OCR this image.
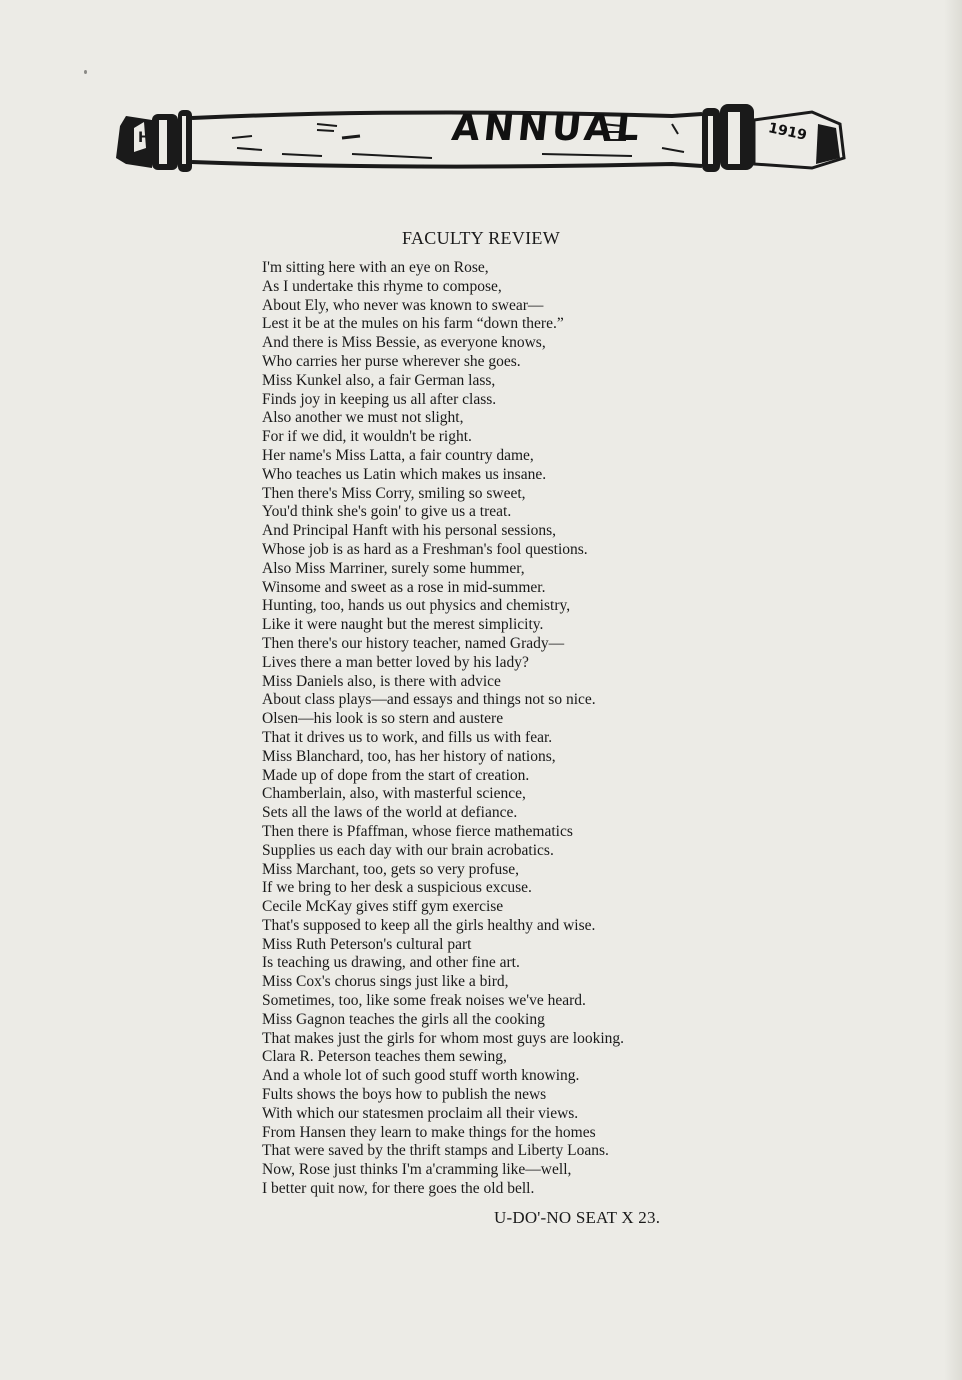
H	ANNUAL	1919
FACULTY REVIEW
I'm sitting here with an eye on Rose,
As I undertake this rhyme to compose,
About Ely, who never was known to swear—
Lest it be at the mules on his farm “down there.”
And there is Miss Bessie, as everyone knows,
Who carries her purse wherever she goes.
Miss Kunkel also, a fair German lass,
Finds joy in keeping us all after class.
Also another we must not slight,
For if we did, it wouldn't be right.
Her name's Miss Latta, a fair country dame,
Who teaches us Latin which makes us insane.
Then there's Miss Corry, smiling so sweet,
You'd think she's goin' to give us a treat.
And Principal Hanft with his personal sessions,
Whose job is as hard as a Freshman's fool questions.
Also Miss Marriner, surely some hummer,
Winsome and sweet as a rose in mid-summer.
Hunting, too, hands us out physics and chemistry,
Like it were naught but the merest simplicity.
Then there's our history teacher, named Grady—
Lives there a man better loved by his lady?
Miss Daniels also, is there with advice
About class plays—and essays and things not so nice.
Olsen—his look is so stern and austere
That it drives us to work, and fills us with fear.
Miss Blanchard, too, has her history of nations,
Made up of dope from the start of creation.
Chamberlain, also, with masterful science,
Sets all the laws of the world at defiance.
Then there is Pfaffman, whose fierce mathematics
Supplies us each day with our brain acrobatics.
Miss Marchant, too, gets so very profuse,
If we bring to her desk a suspicious excuse.
Cecile McKay gives stiff gym exercise
That's supposed to keep all the girls healthy and wise.
Miss Ruth Peterson's cultural part
Is teaching us drawing, and other fine art.
Miss Cox's chorus sings just like a bird,
Sometimes, too, like some freak noises we've heard.
Miss Gagnon teaches the girls all the cooking
That makes just the girls for whom most guys are looking.
Clara R. Peterson teaches them sewing,
And a whole lot of such good stuff worth knowing.
Fults shows the boys how to publish the news
With which our statesmen proclaim all their views.
From Hansen they learn to make things for the homes
That were saved by the thrift stamps and Liberty Loans.
Now, Rose just thinks I'm a'cramming like—well,
I better quit now, for there goes the old bell.
U-DO'-NO SEAT X 23.
